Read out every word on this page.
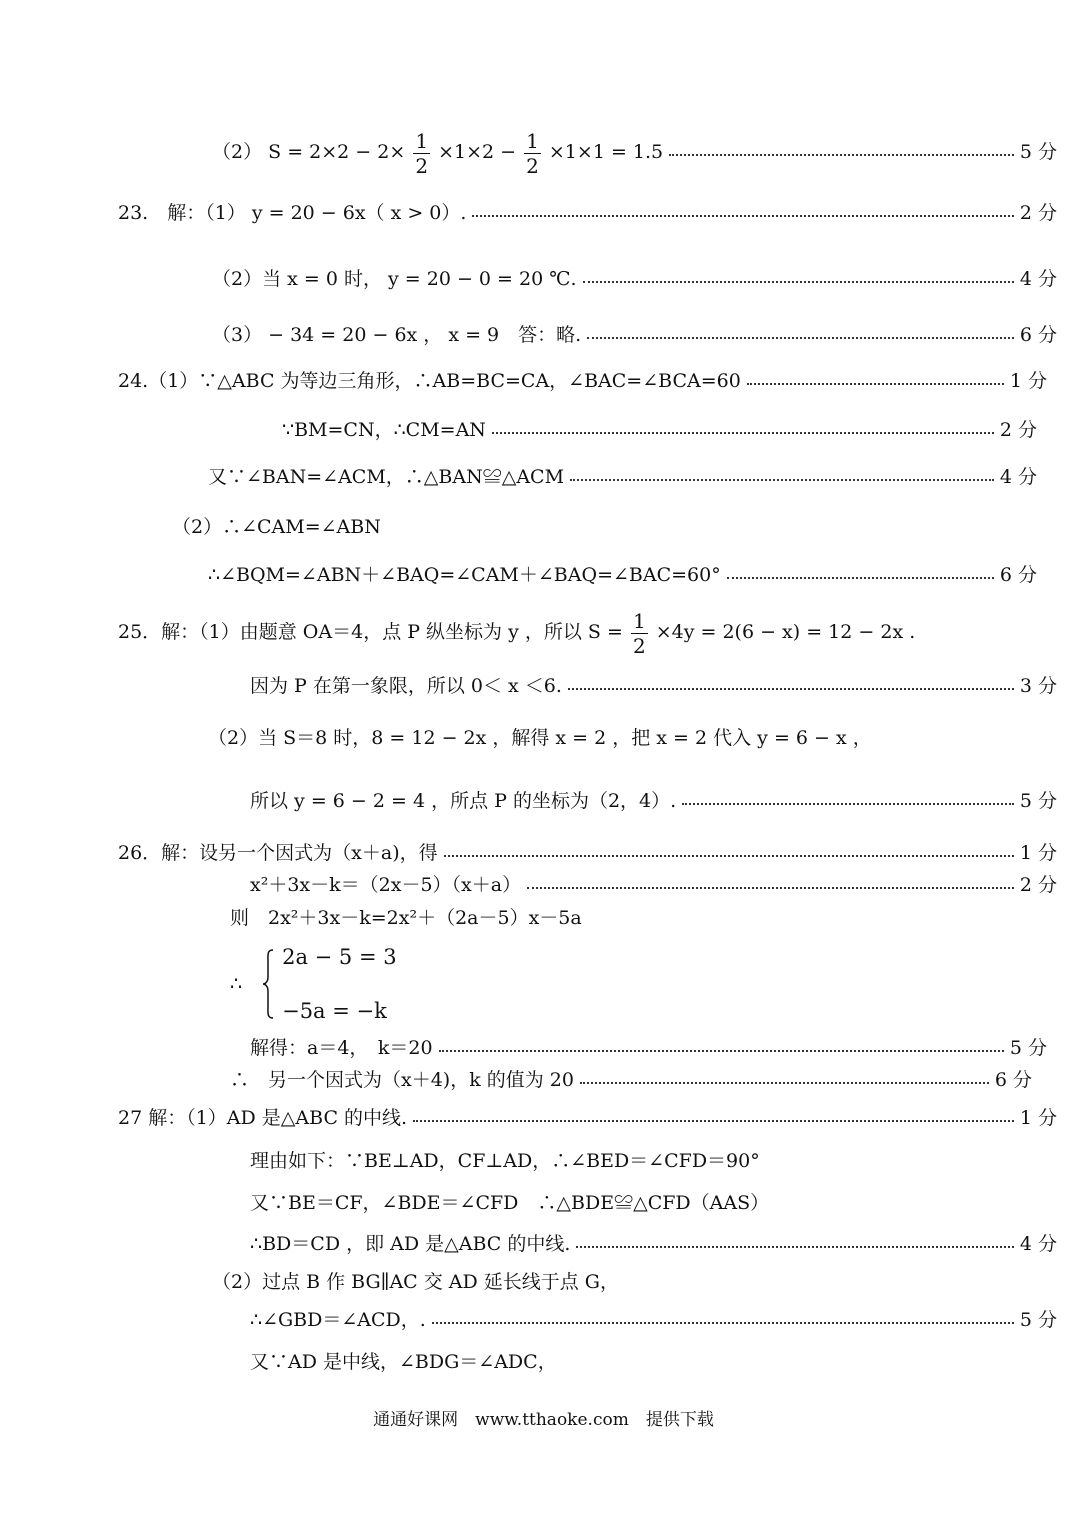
（2） $S = 2\times 2 - 2\times \frac{1}{2} \times 1\times 2 - \frac{1}{2} \times 1\times 1 = 1.5$	5 分
23.　解：（1） y = 20 − 6x（ x > 0）.	2 分
（2）当 x = 0 时， y = 20 − 0 = 20 ℃.	4 分
（3） − 34 = 20 − 6x ， x = 9　答：略.	6 分
24.（1）∵△ABC 为等边三角形，∴AB=BC=CA，∠BAC=∠BCA=60	1 分
∵BM=CN，∴CM=AN	2 分
又∵∠BAN=∠ACM，∴△BAN≌△ACM	4 分
（2）∴∠CAM=∠ABN
∴∠BQM=∠ABN＋∠BAQ=∠CAM＋∠BAQ=∠BAC=60°	6 分
25．解：（1）由题意 OA＝4，点 P 纵坐标为 y ，所以 $S = \frac{1}{2} \times 4y = 2(6 - x) = 12 - 2x$ .
因为 P 在第一象限，所以 0＜ x ＜6.	3 分
（2）当 S＝8 时，8 = 12 − 2x ，解得 x = 2 ，把 x = 2 代入 y = 6 − x ，
所以 y = 6 − 2 = 4 ，所点 P 的坐标为（2，4）.	5 分
26．解：设另一个因式为（x＋a)，得	1 分
x²＋3x－k＝（2x－5）（x＋a）	2 分
则　2x²＋3x－k=2x²＋（2a－5）x－5a
∴
2a − 5 = 3
−5a = −k
解得：a＝4，　k＝20	5 分
∴　另一个因式为（x＋4)，k 的值为 20	6 分
27 解：（1）AD 是△ABC 的中线.	1 分
理由如下：∵BE⊥AD，CF⊥AD，∴∠BED＝∠CFD＝90°
又∵BE＝CF，∠BDE＝∠CFD　∴△BDE≌△CFD（AAS）
∴BD＝CD ，即 AD 是△ABC 的中线.	4 分
（2）过点 B 作 BG∥AC 交 AD 延长线于点 G，
∴∠GBD＝∠ACD，.	5 分
又∵AD 是中线，∠BDG＝∠ADC，
通通好课网　www.tthaoke.com　提供下载
